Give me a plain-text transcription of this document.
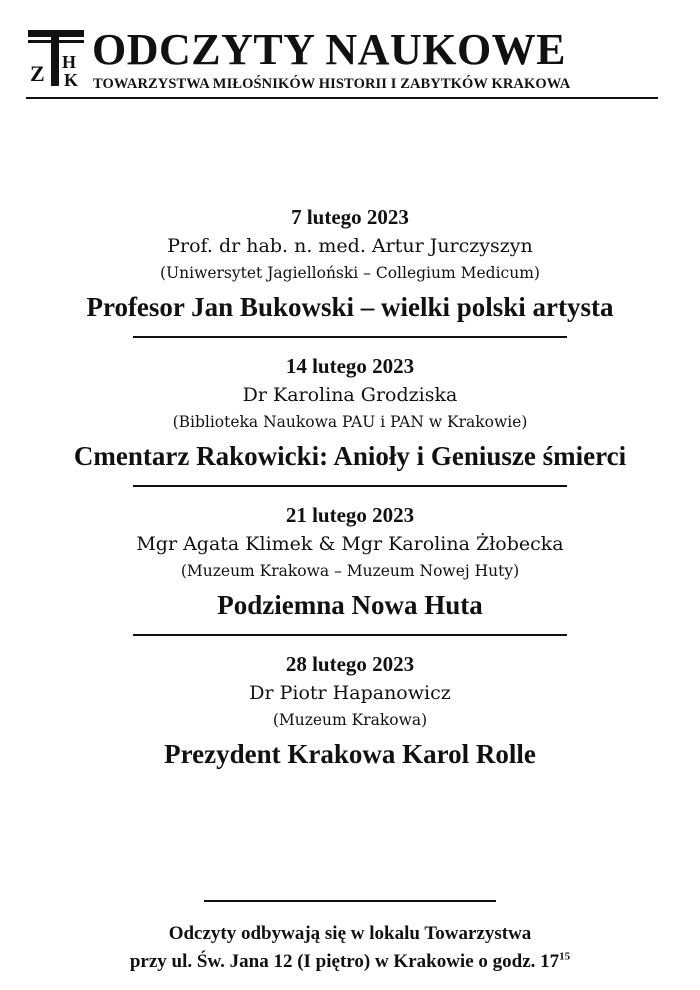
Z H
K
T ODCZYTY NAUKOWE
TOWARZYSTWA MIŁOŚNIKÓW HISTORII I ZABYTKÓW KRAKOWA
7 lutego 2023
Prof. dr hab. n. med. Artur Jurczyszyn
(Uniwersytet Jagielloński – Collegium Medicum)
Profesor Jan Bukowski – wielki polski artysta
14 lutego 2023
Dr Karolina Grodziska
(Biblioteka Naukowa PAU i PAN w Krakowie)
Cmentarz Rakowicki: Anioły i Geniusze śmierci
21 lutego 2023
Mgr Agata Klimek & Mgr Karolina Żłobecka
(Muzeum Krakowa – Muzeum Nowej Huty)
Podziemna Nowa Huta
28 lutego 2023
Dr Piotr Hapanowicz
(Muzeum Krakowa)
Prezydent Krakowa Karol Rolle
Odczyty odbywają się w lokalu Towarzystwa
przy ul. Św. Jana 12 (I piętro) w Krakowie o godz. $17^{15}$
